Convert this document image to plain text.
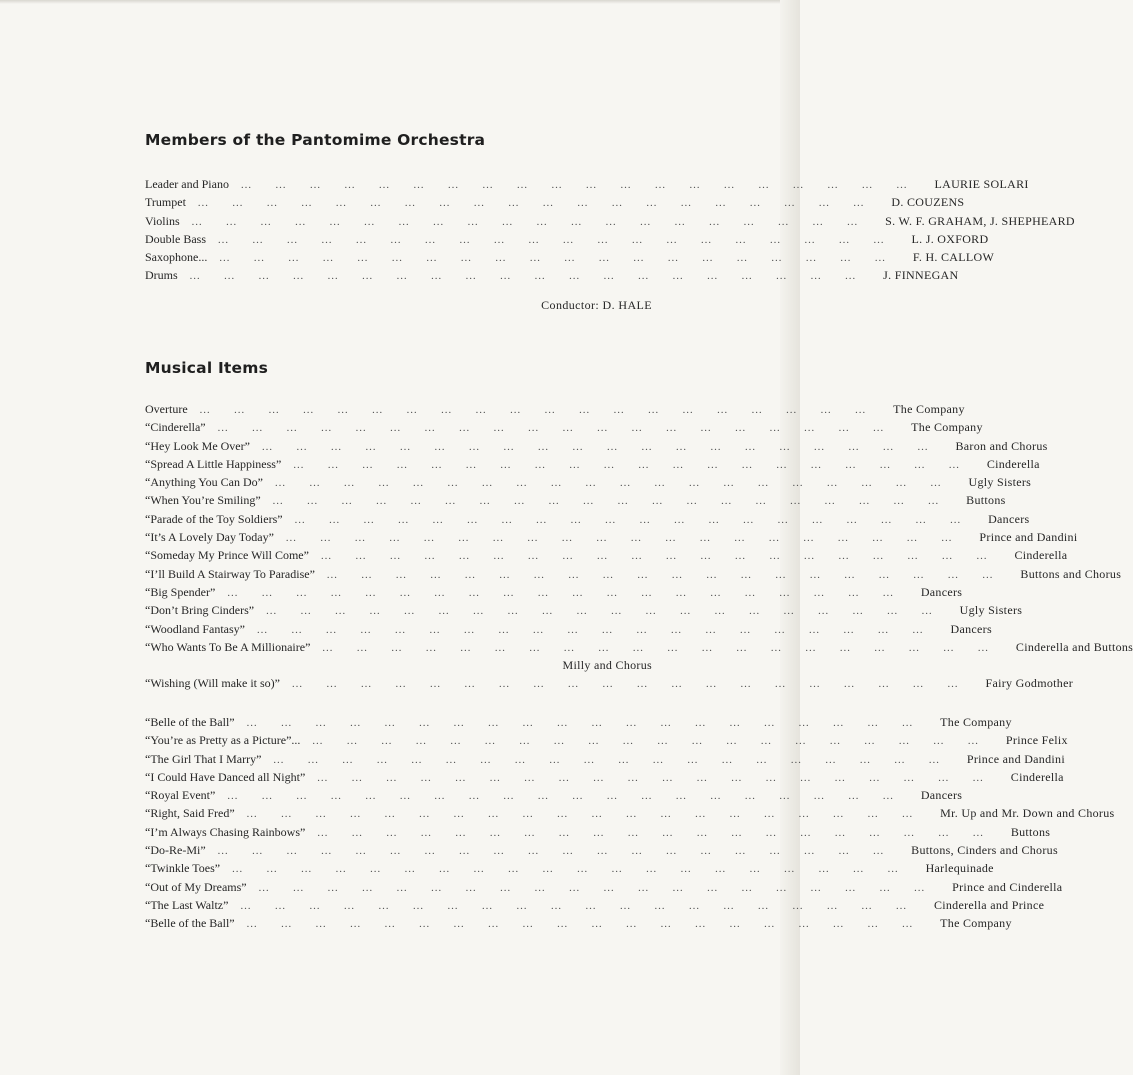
Members of the Pantomime Orchestra
Leader and Piano …      …      …      …      …      …      …      …      …      …      …      …      …      …      …      …      …      …      …      … LAURIE SOLARI
Trumpet …      …      …      …      …      …      …      …      …      …      …      …      …      …      …      …      …      …      …      … D. COUZENS
Violins …      …      …      …      …      …      …      …      …      …      …      …      …      …      …      …      …      …      …      … S. W. F. GRAHAM, J. SHEPHEARD
Double Bass …      …      …      …      …      …      …      …      …      …      …      …      …      …      …      …      …      …      …      … L. J. OXFORD
Saxophone... …      …      …      …      …      …      …      …      …      …      …      …      …      …      …      …      …      …      …      … F. H. CALLOW
Drums …      …      …      …      …      …      …      …      …      …      …      …      …      …      …      …      …      …      …      … J. FINNEGAN
Conductor: D. HALE
Musical Items
Overture …      …      …      …      …      …      …      …      …      …      …      …      …      …      …      …      …      …      …      … The Company
“Cinderella” …      …      …      …      …      …      …      …      …      …      …      …      …      …      …      …      …      …      …      … The Company
“Hey Look Me Over” …      …      …      …      …      …      …      …      …      …      …      …      …      …      …      …      …      …      …      … Baron and Chorus
“Spread A Little Happiness” …      …      …      …      …      …      …      …      …      …      …      …      …      …      …      …      …      …      …      … Cinderella
“Anything You Can Do” …      …      …      …      …      …      …      …      …      …      …      …      …      …      …      …      …      …      …      … Ugly Sisters
“When You’re Smiling” …      …      …      …      …      …      …      …      …      …      …      …      …      …      …      …      …      …      …      … Buttons
“Parade of the Toy Soldiers” …      …      …      …      …      …      …      …      …      …      …      …      …      …      …      …      …      …      …      … Dancers
“It’s A Lovely Day Today” …      …      …      …      …      …      …      …      …      …      …      …      …      …      …      …      …      …      …      … Prince and Dandini
“Someday My Prince Will Come” …      …      …      …      …      …      …      …      …      …      …      …      …      …      …      …      …      …      …      … Cinderella
“I’ll Build A Stairway To Paradise” …      …      …      …      …      …      …      …      …      …      …      …      …      …      …      …      …      …      …      … Buttons and Chorus
“Big Spender” …      …      …      …      …      …      …      …      …      …      …      …      …      …      …      …      …      …      …      … Dancers
“Don’t Bring Cinders” …      …      …      …      …      …      …      …      …      …      …      …      …      …      …      …      …      …      …      … Ugly Sisters
“Woodland Fantasy” …      …      …      …      …      …      …      …      …      …      …      …      …      …      …      …      …      …      …      … Dancers
“Who Wants To Be A Millionaire” …      …      …      …      …      …      …      …      …      …      …      …      …      …      …      …      …      …      …      … Cinderella and Buttons
Milly and Chorus
“Wishing (Will make it so)” …      …      …      …      …      …      …      …      …      …      …      …      …      …      …      …      …      …      …      … Fairy Godmother
“Belle of the Ball” …      …      …      …      …      …      …      …      …      …      …      …      …      …      …      …      …      …      …      … The Company
“You’re as Pretty as a Picture”... …      …      …      …      …      …      …      …      …      …      …      …      …      …      …      …      …      …      …      … Prince Felix
“The Girl That I Marry” …      …      …      …      …      …      …      …      …      …      …      …      …      …      …      …      …      …      …      … Prince and Dandini
“I Could Have Danced all Night” …      …      …      …      …      …      …      …      …      …      …      …      …      …      …      …      …      …      …      … Cinderella
“Royal Event” …      …      …      …      …      …      …      …      …      …      …      …      …      …      …      …      …      …      …      … Dancers
“Right, Said Fred” …      …      …      …      …      …      …      …      …      …      …      …      …      …      …      …      …      …      …      … Mr. Up and Mr. Down and Chorus
“I’m Always Chasing Rainbows” …      …      …      …      …      …      …      …      …      …      …      …      …      …      …      …      …      …      …      … Buttons
“Do-Re-Mi” …      …      …      …      …      …      …      …      …      …      …      …      …      …      …      …      …      …      …      … Buttons, Cinders and Chorus
“Twinkle Toes” …      …      …      …      …      …      …      …      …      …      …      …      …      …      …      …      …      …      …      … Harlequinade
“Out of My Dreams” …      …      …      …      …      …      …      …      …      …      …      …      …      …      …      …      …      …      …      … Prince and Cinderella
“The Last Waltz” …      …      …      …      …      …      …      …      …      …      …      …      …      …      …      …      …      …      …      … Cinderella and Prince
“Belle of the Ball” …      …      …      …      …      …      …      …      …      …      …      …      …      …      …      …      …      …      …      … The Company
